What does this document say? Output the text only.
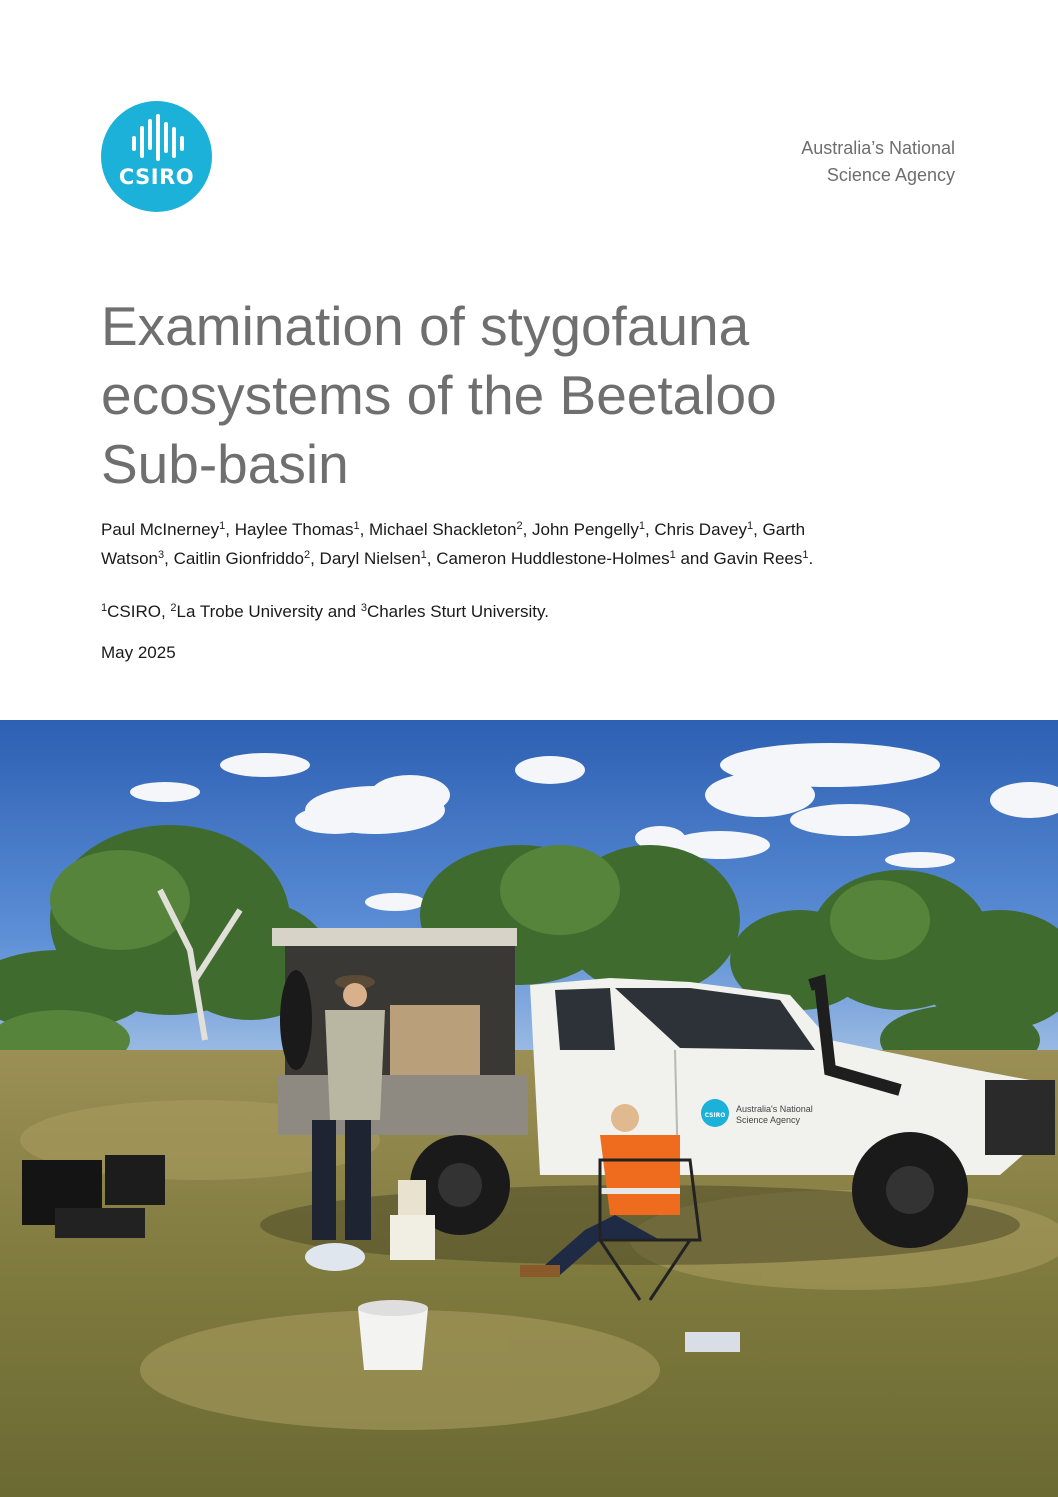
CSIRO
Australia’s National
Science Agency
Examination of stygofauna
ecosystems of the Beetaloo
Sub-basin
Paul McInerney$^1$, Haylee Thomas$^1$, Michael Shackleton$^2$, John Pengelly$^1$, Chris Davey$^1$, Garth
Watson$^3$, Caitlin Gionfriddo$^2$, Daryl Nielsen$^1$, Cameron Huddlestone-Holmes$^1$ and Gavin Rees$^1$.
$^1$CSIRO, $^2$La Trobe University and $^3$Charles Sturt University.
May 2025
CSIRO
Australia's National
Science Agency
